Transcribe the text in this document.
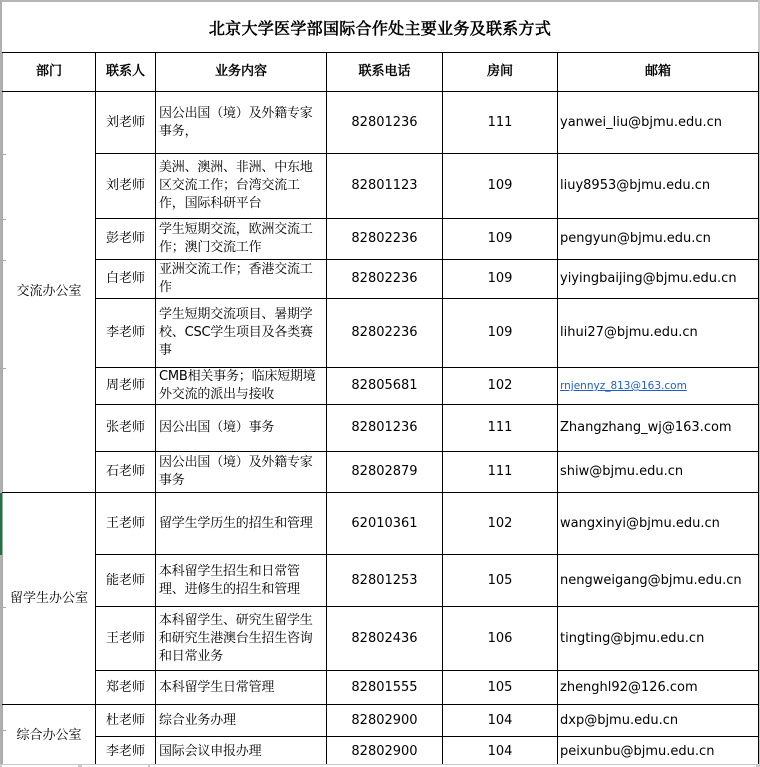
北京大学医学部国际合作处主要业务及联系方式
部门	联系人	业务内容	联系电话	房间	邮箱
交流办公室	刘老师	因公出国（境）及外籍专家事务，	82801236	111	yanwei_liu@bjmu.edu.cn
	刘老师	美洲、澳洲、非洲、中东地区交流工作；台湾交流工作，国际科研平台	82801123	109	liuy8953@bjmu.edu.cn
	彭老师	学生短期交流，欧洲交流工作；澳门交流工作	82802236	109	pengyun@bjmu.edu.cn
	白老师	亚洲交流工作；香港交流工作	82802236	109	yiyingbaijing@bjmu.edu.cn
	李老师	学生短期交流项目、暑期学校、CSC学生项目及各类赛事	82802236	109	lihui27@bjmu.edu.cn
	周老师	CMB相关事务；临床短期境外交流的派出与接收	82805681	102	rnjennyz_813@163.com
	张老师	因公出国（境）事务	82801236	111	Zhangzhang_wj@163.com
	石老师	因公出国（境）及外籍专家事务	82802879	111	shiw@bjmu.edu.cn
留学生办公室	王老师	留学生学历生的招生和管理	62010361	102	wangxinyi@bjmu.edu.cn
	能老师	本科留学生招生和日常管理、进修生的招生和管理	82801253	105	nengweigang@bjmu.edu.cn
	王老师	本科留学生、研究生留学生和研究生港澳台生招生咨询和日常业务	82802436	106	tingting@bjmu.edu.cn
	郑老师	本科留学生日常管理	82801555	105	zhenghl92@126.com
综合办公室	杜老师	综合业务办理	82802900	104	dxp@bjmu.edu.cn
	李老师	国际会议申报办理	82802900	104	peixunbu@bjmu.edu.cn
